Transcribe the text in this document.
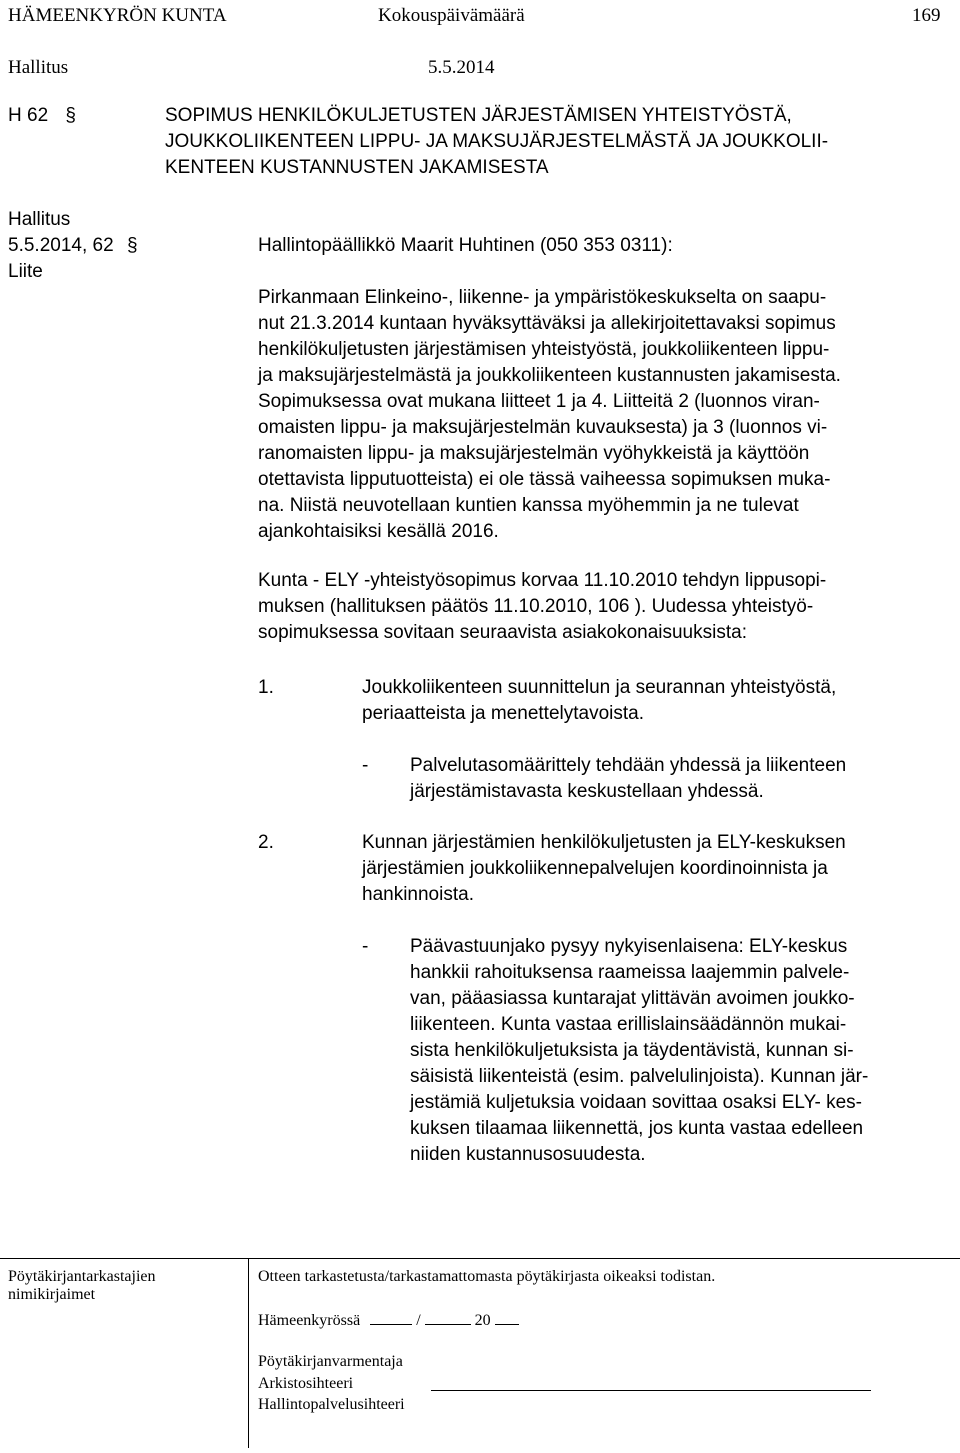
HÄMEENKYRÖN KUNTA	Kokouspäivämäärä	169
Hallitus	5.5.2014
H 62 §	SOPIMUS HENKILÖKULJETUSTEN JÄRJESTÄMISEN YHTEISTYÖSTÄ,
JOUKKOLIIKENTEEN LIPPU- JA MAKSUJÄRJESTELMÄSTÄ JA JOUKKOLII-
KENTEEN KUSTANNUSTEN JAKAMISESTA
Hallitus
5.5.2014, 62 §
Liite
Hallintopäällikkö Maarit Huhtinen (050 353 0311):
Pirkanmaan Elinkeino-, liikenne- ja ympäristökeskukselta on saapu-
nut 21.3.2014 kuntaan hyväksyttäväksi ja allekirjoitettavaksi sopimus
henkilökuljetusten järjestämisen yhteistyöstä, joukkoliikenteen lippu-
ja maksujärjestelmästä ja joukkoliikenteen kustannusten jakamisesta.
Sopimuksessa ovat mukana liitteet 1 ja 4. Liitteitä 2 (luonnos viran-
omaisten lippu- ja maksujärjestelmän kuvauksesta) ja 3 (luonnos vi-
ranomaisten lippu- ja maksujärjestelmän vyöhykkeistä ja käyttöön
otettavista lipputuotteista) ei ole tässä vaiheessa sopimuksen muka-
na. Niistä neuvotellaan kuntien kanssa myöhemmin ja ne tulevat
ajankohtaisiksi kesällä 2016.
Kunta - ELY -yhteistyösopimus korvaa 11.10.2010 tehdyn lippusopi-
muksen (hallituksen päätös 11.10.2010, 106 ). Uudessa yhteistyö-
sopimuksessa sovitaan seuraavista asiakokonaisuuksista:
1.	Joukkoliikenteen suunnittelun ja seurannan yhteistyöstä,
periaatteista ja menettelytavoista.
- Palvelutasomäärittely tehdään yhdessä ja liikenteen
järjestämistavasta keskustellaan yhdessä.
2.	Kunnan järjestämien henkilökuljetusten ja ELY-keskuksen
järjestämien joukkoliikennepalvelujen koordinoinnista ja
hankinnoista.
- Päävastuunjako pysyy nykyisenlaisena: ELY-keskus
hankkii rahoituksensa raameissa laajemmin palvele-
van, pääasiassa kuntarajat ylittävän avoimen joukko-
liikenteen. Kunta vastaa erillislainsäädännön mukai-
sista henkilökuljetuksista ja täydentävistä, kunnan si-
säisistä liikenteistä (esim. palvelulinjoista). Kunnan jär-
jestämiä kuljetuksia voidaan sovittaa osaksi ELY- kes-
kuksen tilaamaa liikennettä, jos kunta vastaa edelleen
niiden kustannusosuudesta.
Pöytäkirjantarkastajien
nimikirjaimet
Otteen tarkastetusta/tarkastamattomasta pöytäkirjasta oikeaksi todistan.
Hämeenkyrössä	/	20
Pöytäkirjanvarmentaja
Arkistosihteeri
Hallintopalvelusihteeri
